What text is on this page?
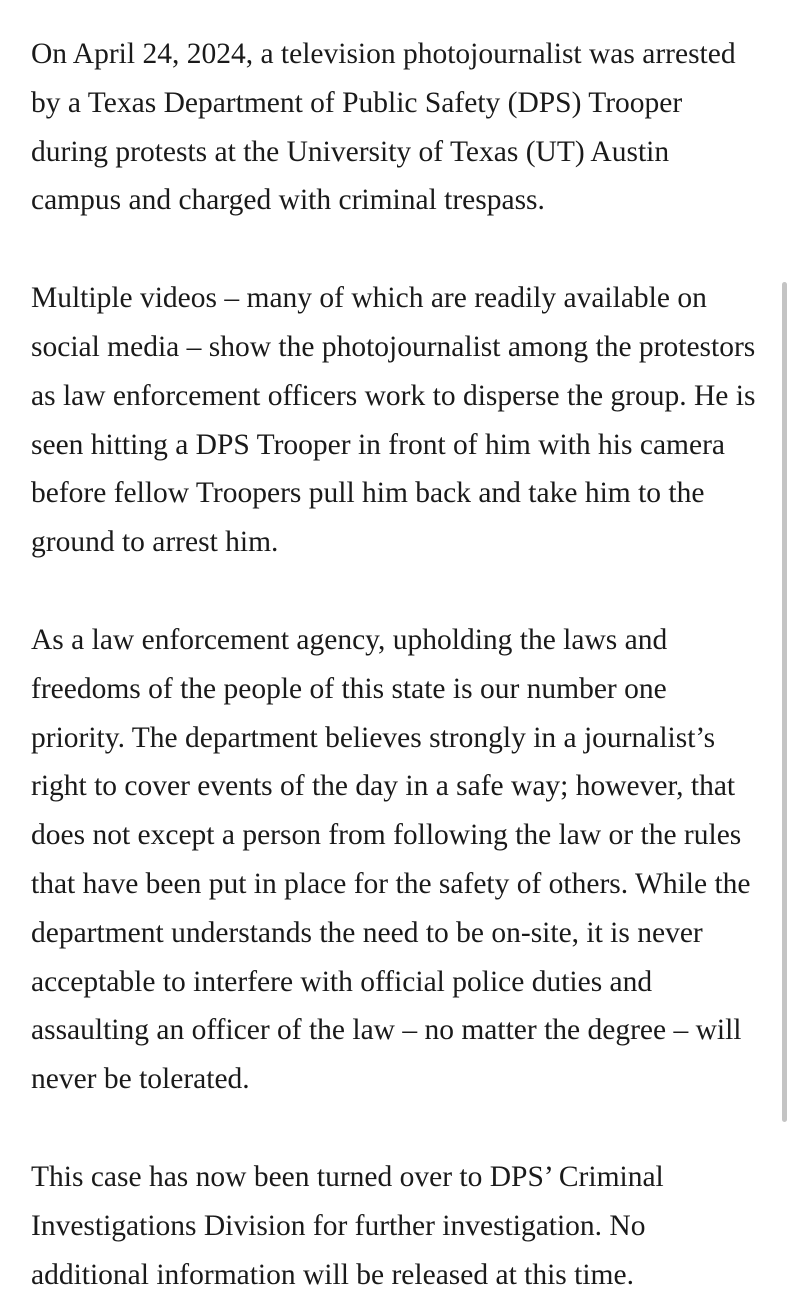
On April 24, 2024, a television photojournalist was arrested
by a Texas Department of Public Safety (DPS) Trooper
during protests at the University of Texas (UT) Austin
campus and charged with criminal trespass.

Multiple videos – many of which are readily available on
social media – show the photojournalist among the protestors
as law enforcement officers work to disperse the group. He is
seen hitting a DPS Trooper in front of him with his camera
before fellow Troopers pull him back and take him to the
ground to arrest him.

As a law enforcement agency, upholding the laws and
freedoms of the people of this state is our number one
priority. The department believes strongly in a journalist’s
right to cover events of the day in a safe way; however, that
does not except a person from following the law or the rules
that have been put in place for the safety of others. While the
department understands the need to be on-site, it is never
acceptable to interfere with official police duties and
assaulting an officer of the law – no matter the degree – will
never be tolerated.

This case has now been turned over to DPS’ Criminal
Investigations Division for further investigation. No
additional information will be released at this time.
